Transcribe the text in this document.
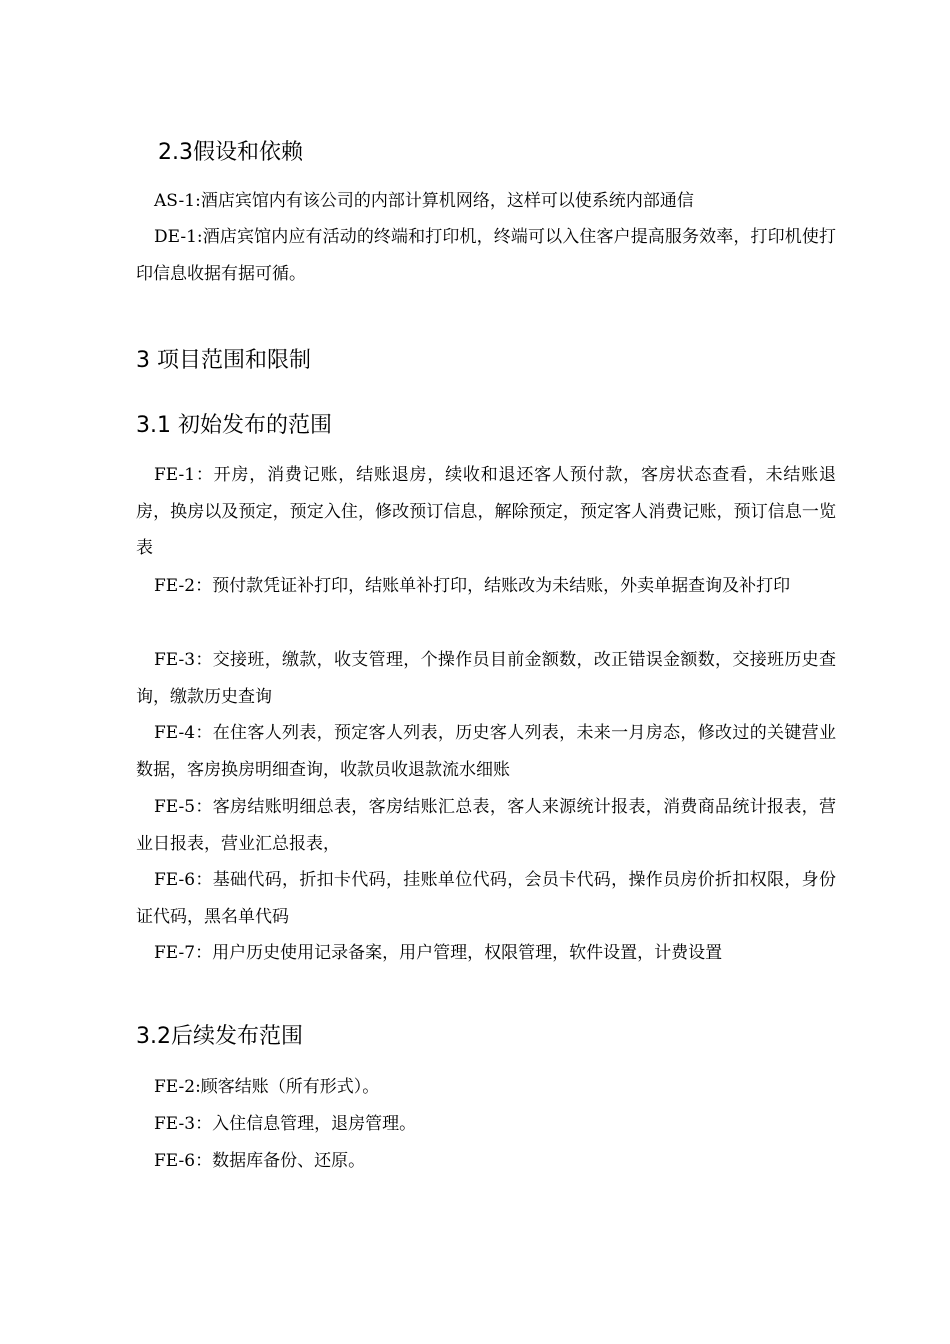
2.3假设和依赖

AS-1:酒店宾馆内有该公司的内部计算机网络，这样可以使系统内部通信

DE-1:酒店宾馆内应有活动的终端和打印机，终端可以入住客户提高服务效率，打印机使打印信息收据有据可循。

3 项目范围和限制
3.1 初始发布的范围

FE-1：开房，消费记账，结账退房，续收和退还客人预付款，客房状态查看，未结账退房，换房以及预定，预定入住，修改预订信息，解除预定，预定客人消费记账，预订信息一览表

FE-2：预付款凭证补打印，结账单补打印，结账改为未结账，外卖单据查询及补打印

FE-3：交接班，缴款，收支管理，个操作员目前金额数，改正错误金额数，交接班历史查询，缴款历史查询

FE-4：在住客人列表，预定客人列表，历史客人列表，未来一月房态，修改过的关键营业数据，客房换房明细查询，收款员收退款流水细账

FE-5：客房结账明细总表，客房结账汇总表，客人来源统计报表，消费商品统计报表，营业日报表，营业汇总报表，

FE-6：基础代码，折扣卡代码，挂账单位代码，会员卡代码，操作员房价折扣权限，身份证代码，黑名单代码

FE-7：用户历史使用记录备案，用户管理，权限管理，软件设置，计费设置

3.2后续发布范围

FE-2:顾客结账（所有形式）。

FE-3：入住信息管理，退房管理。

FE-6：数据库备份、还原。
